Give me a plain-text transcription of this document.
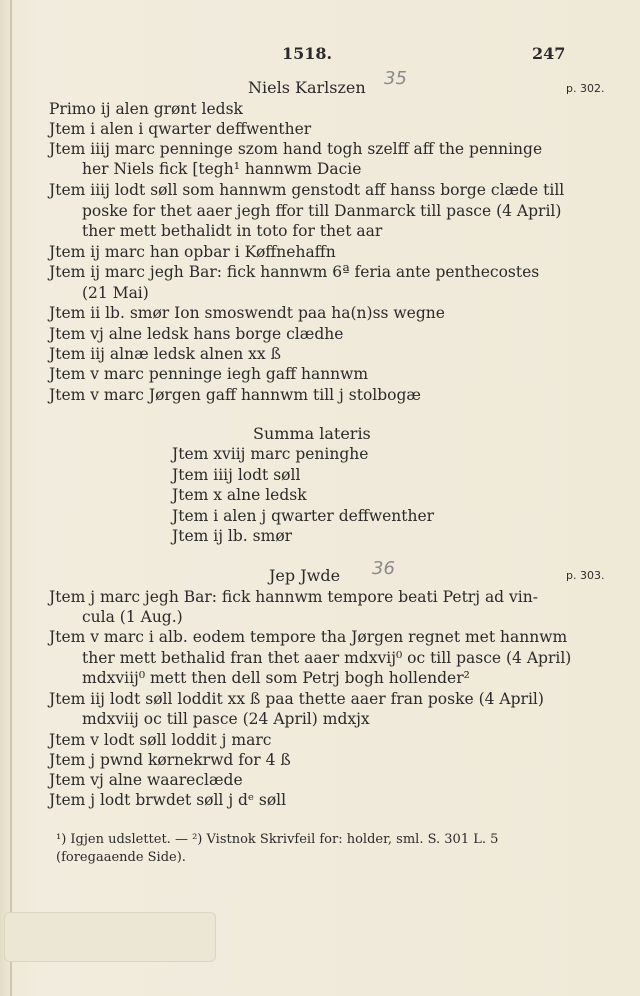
1518.	247
Niels Karlszen 35	p. 302.
Primo ij alen grønt ledsk
Jtem i alen i qwarter deffwenther
Jtem iiij marc penninge szom hand togh szelff aff the penninge
her Niels fick [tegh¹ hannwm Dacie
Jtem iiij lodt søll som hannwm genstodt aff hanss borge clæde till
poske for thet aaer jegh ffor till Danmarck till pasce (4 April)
ther mett bethalidt in toto for thet aar
Jtem ij marc han opbar i Køffnehaffn
Jtem ij marc jegh Bar: fick hannwm 6ª feria ante penthecostes
(21 Mai)
Jtem ii lb. smør Ion smoswendt paa ha(n)ss wegne
Jtem vj alne ledsk hans borge clædhe
Jtem iij alnæ ledsk alnen xx ß
Jtem v marc penninge iegh gaff hannwm
Jtem v marc Jørgen gaff hannwm till j stolbogæ
Summa lateris
Jtem xviij marc peninghe
Jtem iiij lodt søll
Jtem x alne ledsk
Jtem i alen j qwarter deffwenther
Jtem ij lb. smør
Jep Jwde 36	p. 303.
Jtem j marc jegh Bar: fick hannwm tempore beati Petrj ad vin-
cula (1 Aug.)
Jtem v marc i alb. eodem tempore tha Jørgen regnet met hannwm
ther mett bethalid fran thet aaer mdxvij⁰ oc till pasce (4 April)
mdxviij⁰ mett then dell som Petrj bogh hollender²
Jtem iij lodt søll loddit xx ß paa thette aaer fran poske (4 April)
mdxviij oc till pasce (24 April) mdxjx
Jtem v lodt søll loddit j marc
Jtem j pwnd kørnekrwd for 4 ß
Jtem vj alne waareclæde
Jtem j lodt brwdet søll j dᵉ søll
¹) Igjen udslettet. — ²) Vistnok Skrivfeil for: holder, sml. S. 301 L. 5
(foregaaende Side).
